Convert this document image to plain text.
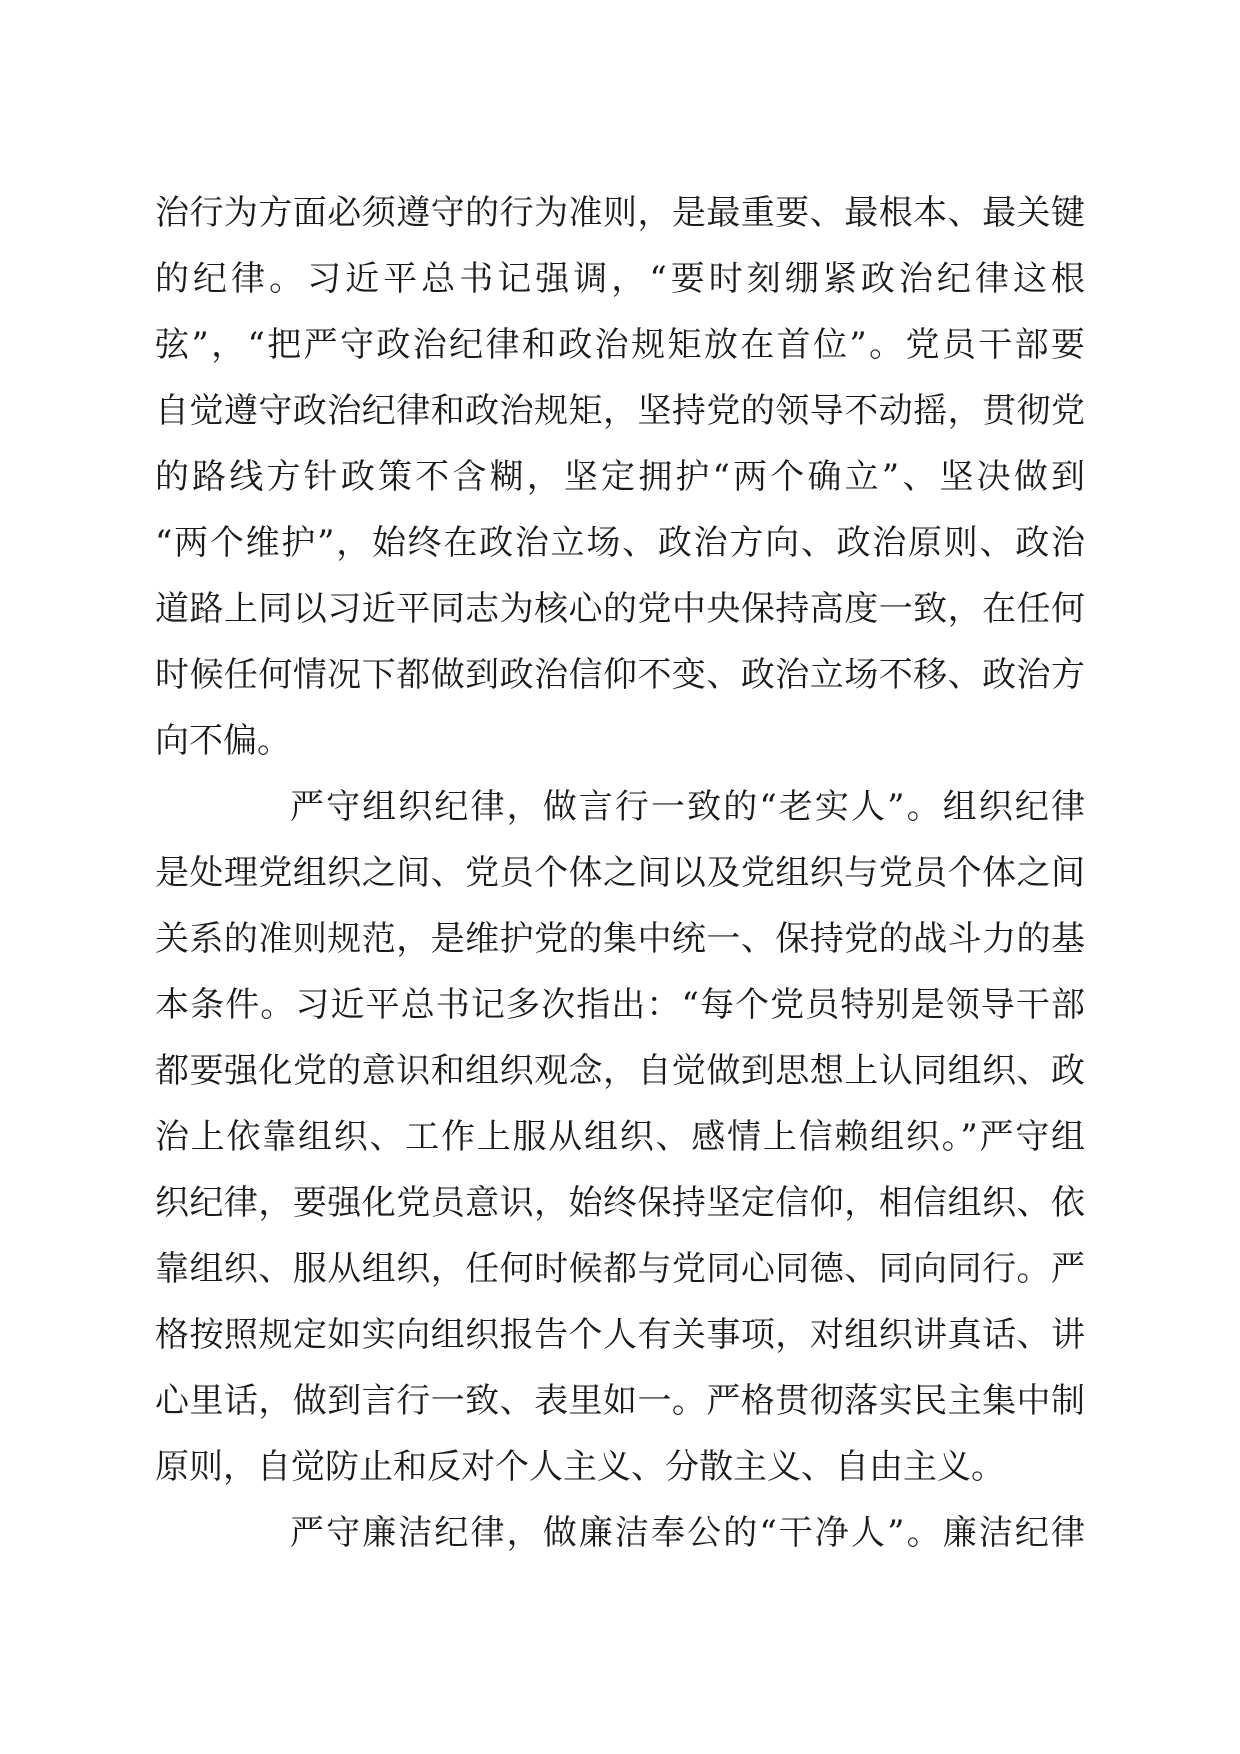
治行为方面必须遵守的行为准则，是最重要、最根本、最关键
的纪律。习近平总书记强调，“要时刻绷紧政治纪律这根
弦”，“把严守政治纪律和政治规矩放在首位”。党员干部要
自觉遵守政治纪律和政治规矩，坚持党的领导不动摇，贯彻党
的路线方针政策不含糊，坚定拥护“两个确立”、坚决做到
“两个维护”，始终在政治立场、政治方向、政治原则、政治
道路上同以习近平同志为核心的党中央保持高度一致，在任何
时候任何情况下都做到政治信仰不变、政治立场不移、政治方
向不偏。
严守组织纪律，做言行一致的“老实人”。组织纪律
是处理党组织之间、党员个体之间以及党组织与党员个体之间
关系的准则规范，是维护党的集中统一、保持党的战斗力的基
本条件。习近平总书记多次指出：“每个党员特别是领导干部
都要强化党的意识和组织观念，自觉做到思想上认同组织、政
治上依靠组织、工作上服从组织、感情上信赖组织。”严守组
织纪律，要强化党员意识，始终保持坚定信仰，相信组织、依
靠组织、服从组织，任何时候都与党同心同德、同向同行。严
格按照规定如实向组织报告个人有关事项，对组织讲真话、讲
心里话，做到言行一致、表里如一。严格贯彻落实民主集中制
原则，自觉防止和反对个人主义、分散主义、自由主义。
严守廉洁纪律，做廉洁奉公的“干净人”。廉洁纪律
